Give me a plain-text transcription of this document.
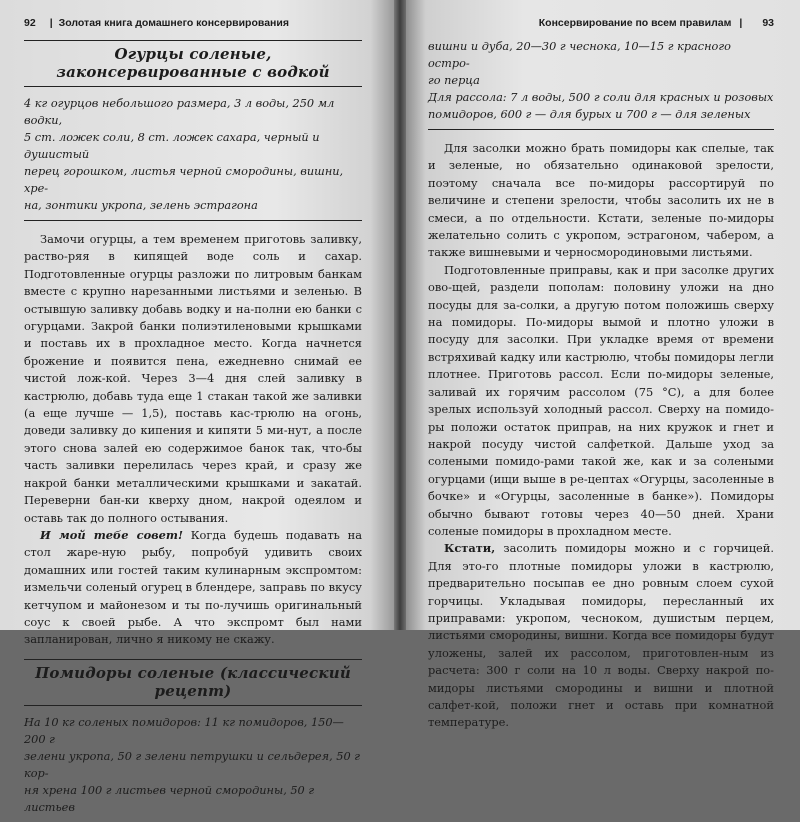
92 | Золотая книга домашнего консервирования
Огурцы соленые, законсервированные с водкой

4 кг огурцов небольшого размера, 3 л воды, 250 мл водки,

5 ст. ложек соли, 8 ст. ложек сахара, черный и душистый

перец горошком, листья черной смородины, вишни, хре-

на, зонтики укропа, зелень эстрагона

Замочи огурцы, а тем временем приготовь заливку, раство-ряя в кипящей воде соль и сахар. Подготовленные огурцы разложи по литровым банкам вместе с крупно нарезанными листьями и зеленью. В остывшую заливку добавь водку и на-полни ею банки с огурцами. Закрой банки полиэтиленовыми крышками и поставь их в прохладное место. Когда начнется брожение и появится пена, ежедневно снимай ее чистой лож-кой. Через 3—4 дня слей заливку в кастрюлю, добавь туда еще 1 стакан такой же заливки (а еще лучше — 1,5), поставь кас-трюлю на огонь, доведи заливку до кипения и кипяти 5 ми-нут, а после этого снова залей ею содержимое банок так, что-бы часть заливки перелилась через край, и сразу же накрой банки металлическими крышками и закатай. Переверни бан-ки кверху дном, накрой одеялом и оставь так до полного остывания.

И мой тебе совет! Когда будешь подавать на стол жаре-ную рыбу, попробуй удивить своих домашних или гостей таким кулинарным экспромтом: измельчи соленый огурец в блендере, заправь по вкусу кетчупом и майонезом и ты по-лучишь оригинальный соус к своей рыбе. А что экспромт был нами запланирован, лично я никому не скажу.

Помидоры соленые (классический рецепт)

На 10 кг соленых помидоров: 11 кг помидоров, 150—200 г

зелени укропа, 50 г зелени петрушки и сельдерея, 50 г кор-

ня хрена 100 г листьев черной смородины, 50 г листьев

Консервирование по всем правилам | 93

вишни и дуба, 20—30 г чеснока, 10—15 г красного остро-

го перца

Для рассола: 7 л воды, 500 г соли для красных и розовых

помидоров, 600 г — для бурых и 700 г — для зеленых

Для засолки можно брать помидоры как спелые, так и зеленые, но обязательно одинаковой зрелости, поэтому сначала все по-мидоры рассортируй по величине и степени зрелости, чтобы засолить их не в смеси, а по отдельности. Кстати, зеленые по-мидоры желательно солить с укропом, эстрагоном, чабером, а также вишневыми и черносмородиновыми листьями.

Подготовленные приправы, как и при засолке других ово-щей, раздели пополам: половину уложи на дно посуды для за-солки, а другую потом положишь сверху на помидоры. По-мидоры вымой и плотно уложи в посуду для засолки. При укладке время от времени встряхивай кадку или кастрюлю, чтобы помидоры легли плотнее. Приготовь рассол. Если по-мидоры зеленые, заливай их горячим рассолом (75 °С), а для более зрелых используй холодный рассол. Сверху на помидо-ры положи остаток приправ, на них кружок и гнет и накрой посуду чистой салфеткой. Дальше уход за солеными помидо-рами такой же, как и за солеными огурцами (ищи выше в ре-цептах «Огурцы, засоленные в бочке» и «Огурцы, засоленные в банке»). Помидоры обычно бывают готовы через 40—50 дней. Храни соленые помидоры в прохладном месте.

Кстати, засолить помидоры можно и с горчицей. Для это-го плотные помидоры уложи в кастрюлю, предварительно посыпав ее дно ровным слоем сухой горчицы. Укладывая помидоры, пересланный их приправами: укропом, чесноком, душистым перцем, листьями смородины, вишни. Когда все помидоры будут уложены, залей их рассолом, приготовлен-ным из расчета: 300 г соли на 10 л воды. Сверху накрой по-мидоры листьями смородины и вишни и плотной салфет-кой, положи гнет и оставь при комнатной температуре.
